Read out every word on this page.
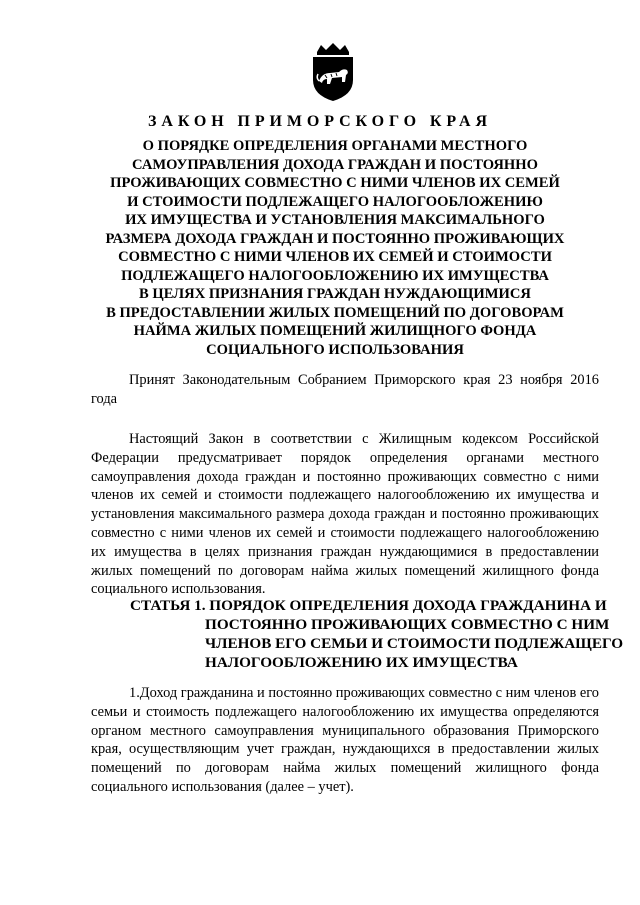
ЗАКОН ПРИМОРСКОГО КРАЯ
О ПОРЯДКЕ ОПРЕДЕЛЕНИЯ ОРГАНАМИ МЕСТНОГО
САМОУПРАВЛЕНИЯ ДОХОДА ГРАЖДАН И ПОСТОЯННО
ПРОЖИВАЮЩИХ СОВМЕСТНО С НИМИ ЧЛЕНОВ ИХ СЕМЕЙ
И СТОИМОСТИ ПОДЛЕЖАЩЕГО НАЛОГООБЛОЖЕНИЮ
ИХ ИМУЩЕСТВА И УСТАНОВЛЕНИЯ МАКСИМАЛЬНОГО
РАЗМЕРА ДОХОДА ГРАЖДАН И ПОСТОЯННО ПРОЖИВАЮЩИХ
СОВМЕСТНО С НИМИ ЧЛЕНОВ ИХ СЕМЕЙ И СТОИМОСТИ
ПОДЛЕЖАЩЕГО НАЛОГООБЛОЖЕНИЮ ИХ ИМУЩЕСТВА
В ЦЕЛЯХ ПРИЗНАНИЯ ГРАЖДАН НУЖДАЮЩИМИСЯ
В ПРЕДОСТАВЛЕНИИ ЖИЛЫХ ПОМЕЩЕНИЙ ПО ДОГОВОРАМ
НАЙМА ЖИЛЫХ ПОМЕЩЕНИЙ ЖИЛИЩНОГО ФОНДА
СОЦИАЛЬНОГО ИСПОЛЬЗОВАНИЯ

Принят Законодательным Собранием Приморского края 23 ноября 2016 года

Настоящий Закон в соответствии с Жилищным кодексом Российской Федерации предусматривает порядок определения органами местного самоуправления дохода граждан и постоянно проживающих совместно с ними членов их семей и стоимости подлежащего налогообложению их имущества и установления максимального размера дохода граждан и постоянно проживающих совместно с ними членов их семей и стоимости подлежащего налогообложению их имущества в целях признания граждан нуждающимися в предоставлении жилых помещений по договорам найма жилых помещений жилищного фонда социального использования.

СТАТЬЯ 1. ПОРЯДОК ОПРЕДЕЛЕНИЯ ДОХОДА ГРАЖДАНИНА И
ПОСТОЯННО ПРОЖИВАЮЩИХ СОВМЕСТНО С НИМ
ЧЛЕНОВ ЕГО СЕМЬИ И СТОИМОСТИ ПОДЛЕЖАЩЕГО
НАЛОГООБЛОЖЕНИЮ ИХ ИМУЩЕСТВА

1.Доход гражданина и постоянно проживающих совместно с ним членов его семьи и стоимость подлежащего налогообложению их имущества определяются органом местного самоуправления муниципального образования Приморского края, осуществляющим учет граждан, нуждающихся в предоставлении жилых помещений по договорам найма жилых помещений жилищного фонда социального использования (далее – учет).
